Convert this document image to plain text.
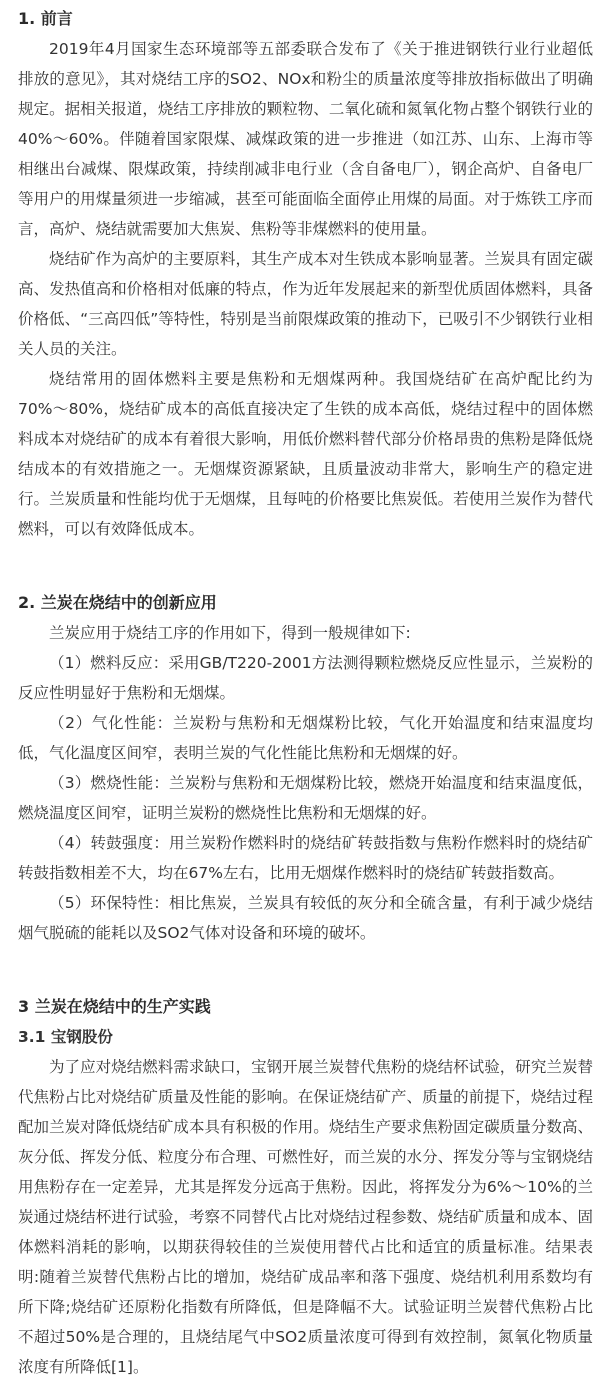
1. 前言

2019年4月国家生态环境部等五部委联合发布了《关于推进钢铁行业行业超低排放的意见》，其对烧结工序的SO2、NOx和粉尘的质量浓度等排放指标做出了明确规定。据相关报道，烧结工序排放的颗粒物、二氧化硫和氮氧化物占整个钢铁行业的40%～60%。伴随着国家限煤、减煤政策的进一步推进（如江苏、山东、上海市等相继出台减煤、限煤政策，持续削减非电行业（含自备电厂），钢企高炉、自备电厂等用户的用煤量须进一步缩减，甚至可能面临全面停止用煤的局面。对于炼铁工序而言，高炉、烧结就需要加大焦炭、焦粉等非煤燃料的使用量。

烧结矿作为高炉的主要原料，其生产成本对生铁成本影响显著。兰炭具有固定碳高、发热值高和价格相对低廉的特点，作为近年发展起来的新型优质固体燃料，具备价格低、“三高四低”等特性，特别是当前限煤政策的推动下，已吸引不少钢铁行业相关人员的关注。

烧结常用的固体燃料主要是焦粉和无烟煤两种。我国烧结矿在高炉配比约为70%～80%，烧结矿成本的高低直接决定了生铁的成本高低，烧结过程中的固体燃料成本对烧结矿的成本有着很大影响，用低价燃料替代部分价格昂贵的焦粉是降低烧结成本的有效措施之一。无烟煤资源紧缺，且质量波动非常大，影响生产的稳定进行。兰炭质量和性能均优于无烟煤，且每吨的价格要比焦炭低。若使用兰炭作为替代燃料，可以有效降低成本。

2. 兰炭在烧结中的创新应用

兰炭应用于烧结工序的作用如下，得到一般规律如下:

（1）燃料反应：采用GB/T220-2001方法测得颗粒燃烧反应性显示，兰炭粉的反应性明显好于焦粉和无烟煤。

（2）气化性能：兰炭粉与焦粉和无烟煤粉比较，气化开始温度和结束温度均低，气化温度区间窄，表明兰炭的气化性能比焦粉和无烟煤的好。

（3）燃烧性能：兰炭粉与焦粉和无烟煤粉比较，燃烧开始温度和结束温度低，燃烧温度区间窄，证明兰炭粉的燃烧性比焦粉和无烟煤的好。

（4）转鼓强度：用兰炭粉作燃料时的烧结矿转鼓指数与焦粉作燃料时的烧结矿转鼓指数相差不大，均在67%左右，比用无烟煤作燃料时的烧结矿转鼓指数高。

（5）环保特性：相比焦炭，兰炭具有较低的灰分和全硫含量，有利于减少烧结烟气脱硫的能耗以及SO2气体对设备和环境的破坏。

3 兰炭在烧结中的生产实践
3.1 宝钢股份

为了应对烧结燃料需求缺口，宝钢开展兰炭替代焦粉的烧结杯试验，研究兰炭替代焦粉占比对烧结矿质量及性能的影响。在保证烧结矿产、质量的前提下，烧结过程配加兰炭对降低烧结矿成本具有积极的作用。烧结生产要求焦粉固定碳质量分数高、灰分低、挥发分低、粒度分布合理、可燃性好，而兰炭的水分、挥发分等与宝钢烧结用焦粉存在一定差异，尤其是挥发分远高于焦粉。因此，将挥发分为6%～10%的兰炭通过烧结杯进行试验，考察不同替代占比对烧结过程参数、烧结矿质量和成本、固体燃料消耗的影响，以期获得较佳的兰炭使用替代占比和适宜的质量标准。结果表明:随着兰炭替代焦粉占比的增加，烧结矿成品率和落下强度、烧结机利用系数均有所下降;烧结矿还原粉化指数有所降低，但是降幅不大。试验证明兰炭替代焦粉占比不超过50%是合理的，且烧结尾气中SO2质量浓度可得到有效控制，氮氧化物质量浓度有所降低[1]。
